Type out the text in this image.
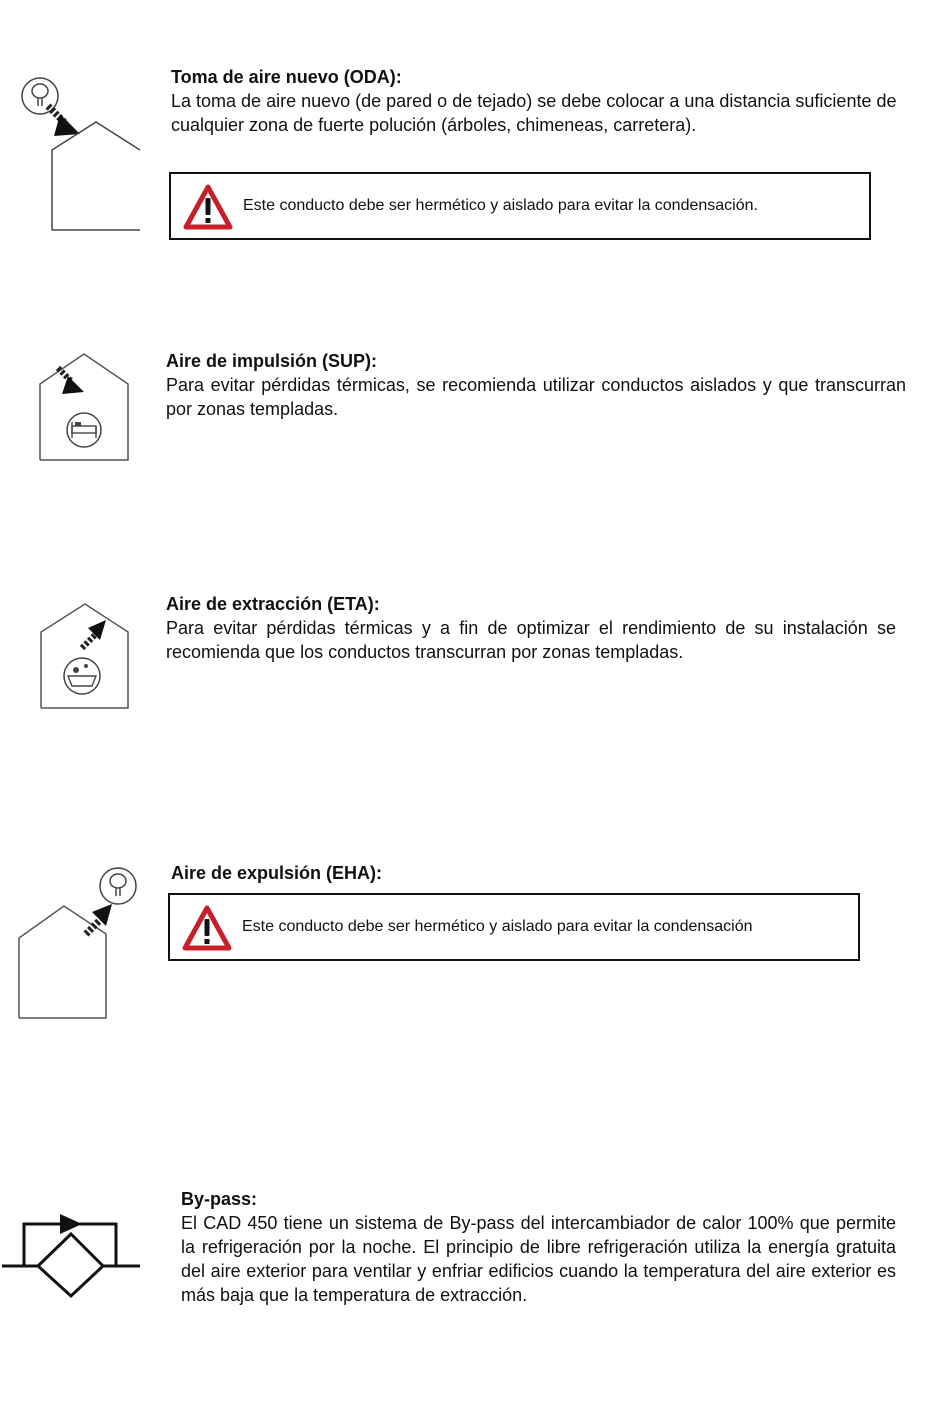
Toma de aire nuevo (ODA):
La toma de aire nuevo (de pared o de tejado) se debe colocar a una distancia suficiente de cualquier zona de fuerte polución (árboles, chimeneas, carretera).
Este conducto debe ser hermético y aislado para evitar la condensación.
Aire de impulsión (SUP):
Para evitar pérdidas térmicas, se recomienda utilizar conductos aislados y que transcurran por zonas templadas.
Aire de extracción (ETA):
Para evitar pérdidas térmicas y a fin de optimizar el rendimiento de su instalación se recomienda que los conductos transcurran por zonas templadas.
Aire de expulsión (EHA):
Este conducto debe ser hermético y aislado para evitar la condensación
By-pass:
El CAD 450 tiene un sistema de By-pass del intercambiador de calor 100% que permite la refrigeración por la noche. El principio de libre refrigeración utiliza la energía gratuita del aire exterior para ventilar y enfriar edificios cuando la temperatura del aire exterior es más baja que la temperatura de extracción.
